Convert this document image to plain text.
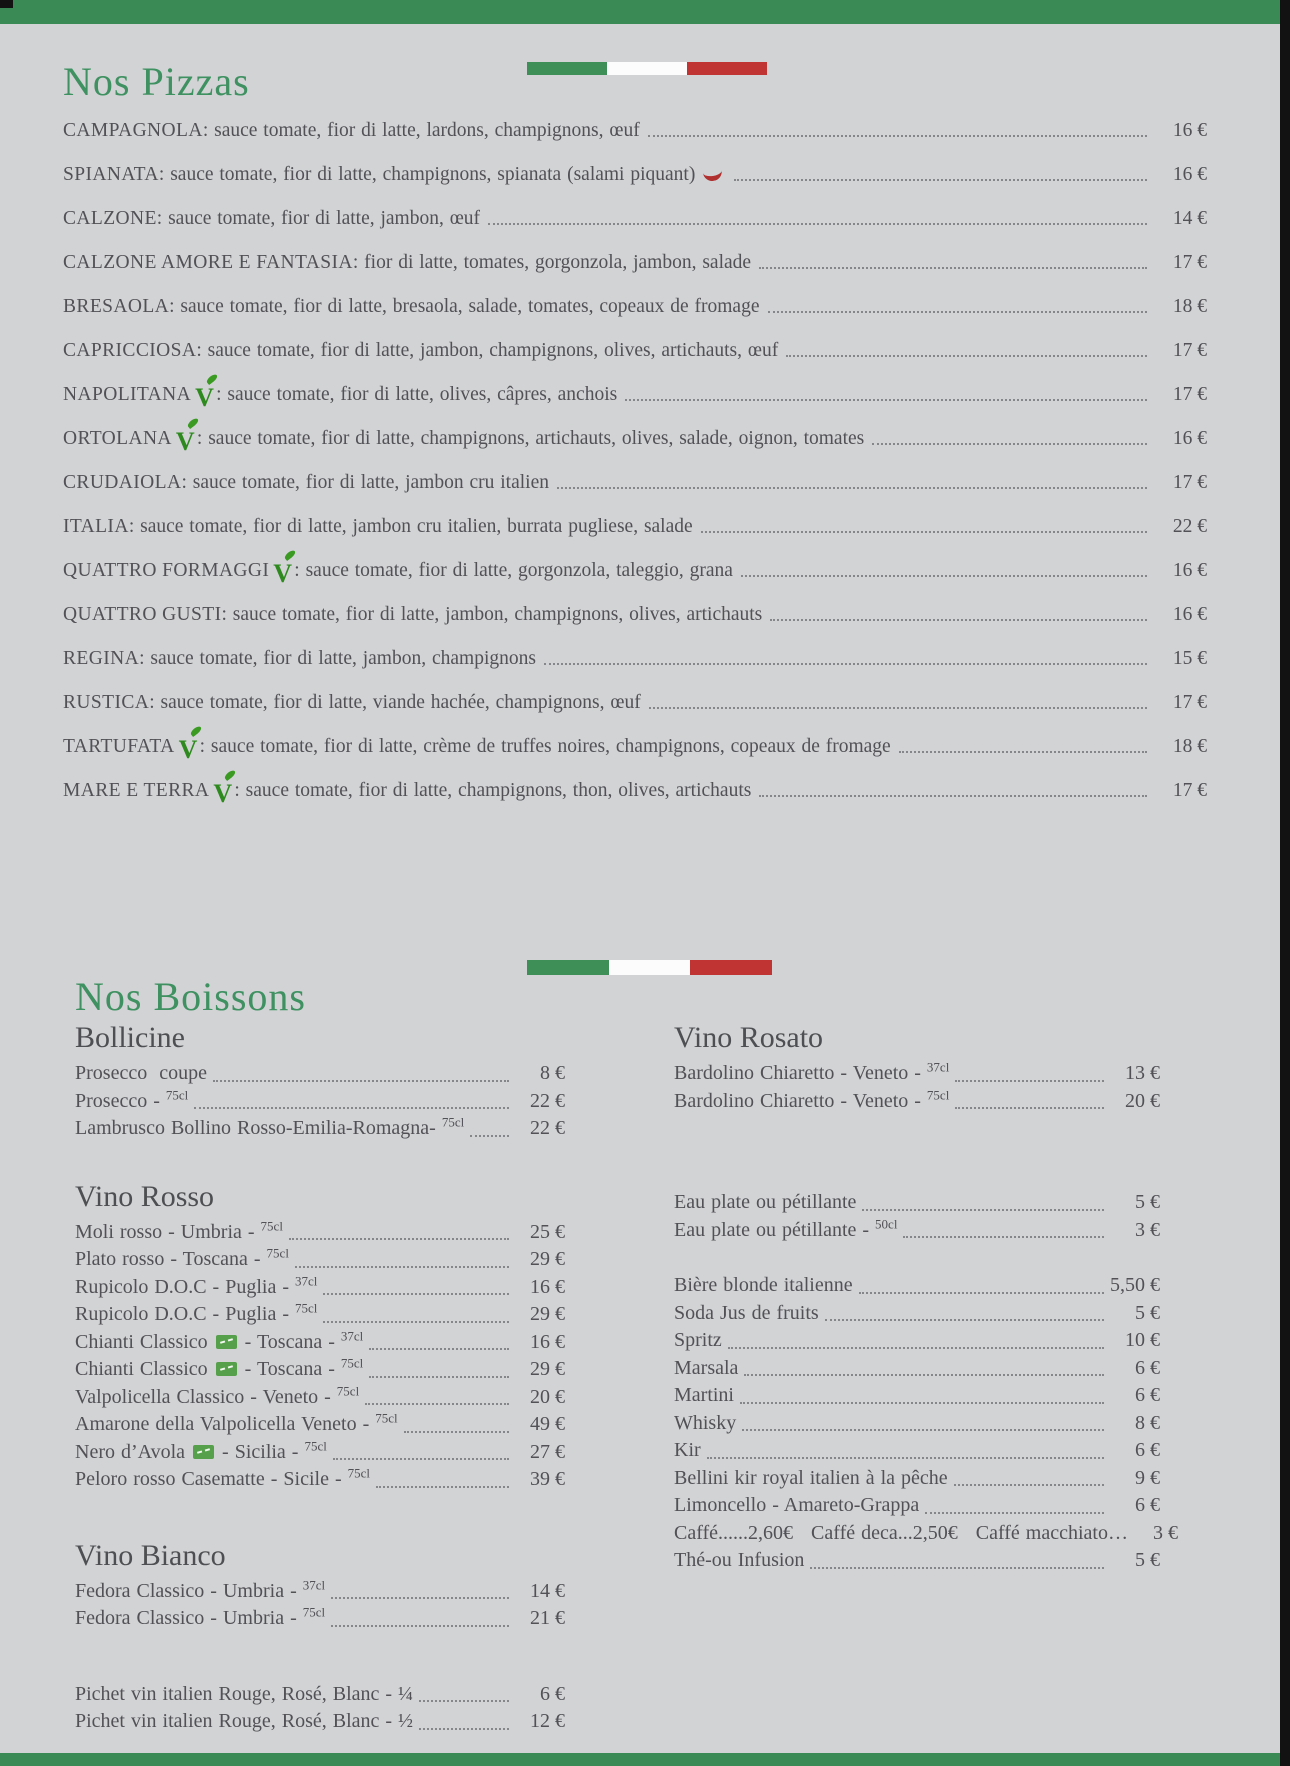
Nos Pizzas
CAMPAGNOLA : sauce tomate, fior di latte, lardons, champignons, œuf	16 €
SPIANATA : sauce tomate, fior di latte, champignons, spianata (salami piquant)	16 €
CALZONE : sauce tomate, fior di latte, jambon, œuf	14 €
CALZONE AMORE E FANTASIA : fior di latte, tomates, gorgonzola, jambon, salade	17 €
BRESAOLA : sauce tomate, fior di latte, bresaola, salade, tomates, copeaux de fromage	18 €
CAPRICCIOSA : sauce tomate, fior di latte, jambon, champignons, olives, artichauts, œuf	17 €
NAPOLITANA V : sauce tomate, fior di latte, olives, câpres, anchois	17 €
ORTOLANA V : sauce tomate, fior di latte, champignons, artichauts, olives, salade, oignon, tomates	16 €
CRUDAIOLA : sauce tomate, fior di latte, jambon cru italien	17 €
ITALIA : sauce tomate, fior di latte, jambon cru italien, burrata pugliese, salade	22 €
QUATTRO FORMAGGI V : sauce tomate, fior di latte, gorgonzola, taleggio, grana	16 €
QUATTRO GUSTI : sauce tomate, fior di latte, jambon, champignons, olives, artichauts	16 €
REGINA : sauce tomate, fior di latte, jambon, champignons	15 €
RUSTICA : sauce tomate, fior di latte, viande hachée, champignons, œuf	17 €
TARTUFATA V : sauce tomate, fior di latte, crème de truffes noires, champignons, copeaux de fromage	18 €
MARE E TERRA V : sauce tomate, fior di latte, champignons, thon, olives, artichauts	17 €
Nos Boissons
Bollicine
Prosecco  coupe	8 €
Prosecco - $^{75cl}$	22 €
Lambrusco Bollino Rosso-Emilia-Romagna- $^{75cl}$	22 €
Vino Rosso
Moli rosso - Umbria - $^{75cl}$	25 €
Plato rosso - Toscana - $^{75cl}$	29 €
Rupicolo D.O.C - Puglia - $^{37cl}$	16 €
Rupicolo D.O.C - Puglia - $^{75cl}$	29 €
Chianti Classico  - Toscana - $^{37cl}$	16 €
Chianti Classico  - Toscana - $^{75cl}$	29 €
Valpolicella Classico - Veneto - $^{75cl}$	20 €
Amarone della Valpolicella Veneto - $^{75cl}$	49 €
Nero d’Avola  - Sicilia - $^{75cl}$	27 €
Peloro rosso Casematte - Sicile - $^{75cl}$	39 €
Vino Bianco
Fedora Classico - Umbria - $^{37cl}$	14 €
Fedora Classico - Umbria - $^{75cl}$	21 €
Pichet vin italien Rouge, Rosé, Blanc - ¼	6 €
Pichet vin italien Rouge, Rosé, Blanc - ½	12 €
Vino Rosato
Bardolino Chiaretto - Veneto - $^{37cl}$	13 €
Bardolino Chiaretto - Veneto - $^{75cl}$	20 €
Eau plate ou pétillante	5 €
Eau plate ou pétillante - $^{50cl}$	3 €
Bière blonde italienne	5,50 €
Soda Jus de fruits	5 €
Spritz	10 €
Marsala	6 €
Martini	6 €
Whisky	8 €
Kir	6 €
Bellini kir royal italien à la pêche	9 €
Limoncello - Amareto-Grappa	6 €
Caffé......2,60€   Caffé deca...2,50€   Caffé macchiato…	3 €
Thé-ou Infusion	5 €
